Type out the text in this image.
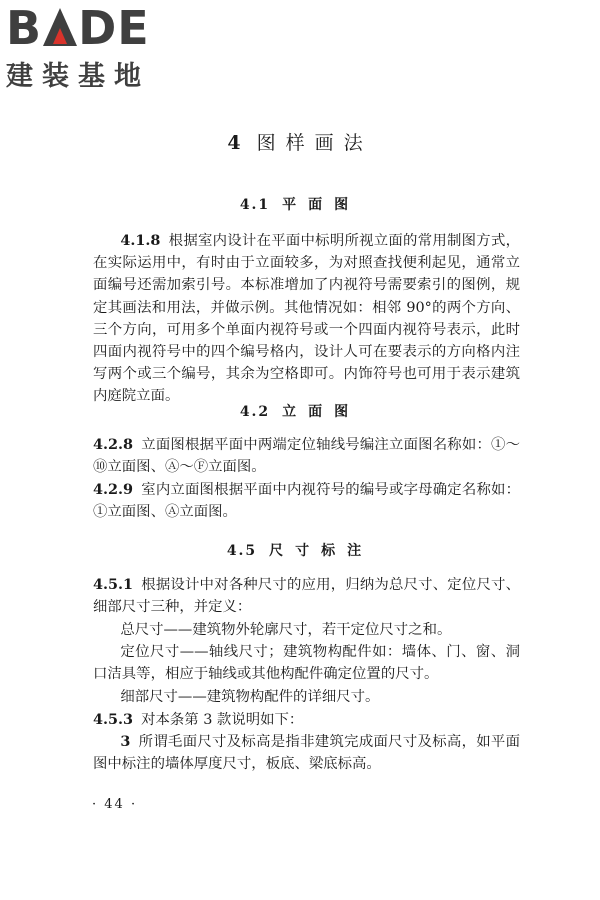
B DE
建装基地
4 图样画法
4.1 平面图
4.1.8 根据室内设计在平面中标明所视立面的常用制图方式，在实际运用中，有时由于立面较多，为对照查找便利起见，通常立面编号还需加索引号。本标准增加了内视符号需要索引的图例，规定其画法和用法，并做示例。其他情况如：相邻 90°的两个方向、三个方向，可用多个单面内视符号或一个四面内视符号表示，此时四面内视符号中的四个编号格内，设计人可在要表示的方向格内注写两个或三个编号，其余为空格即可。内饰符号也可用于表示建筑内庭院立面。
4.2 立面图
4.2.8 立面图根据平面中两端定位轴线号编注立面图名称如：①～⑩立面图、Ⓐ～Ⓕ立面图。
4.2.9 室内立面图根据平面中内视符号的编号或字母确定名称如：①立面图、Ⓐ立面图。
4.5 尺寸标注
4.5.1 根据设计中对各种尺寸的应用，归纳为总尺寸、定位尺寸、细部尺寸三种，并定义：
总尺寸——建筑物外轮廓尺寸，若干定位尺寸之和。
定位尺寸——轴线尺寸；建筑物构配件如：墙体、门、窗、洞口洁具等，相应于轴线或其他构配件确定位置的尺寸。
细部尺寸——建筑物构配件的详细尺寸。
4.5.3 对本条第 3 款说明如下：
3 所谓毛面尺寸及标高是指非建筑完成面尺寸及标高，如平面图中标注的墙体厚度尺寸，板底、梁底标高。
· 44 ·
